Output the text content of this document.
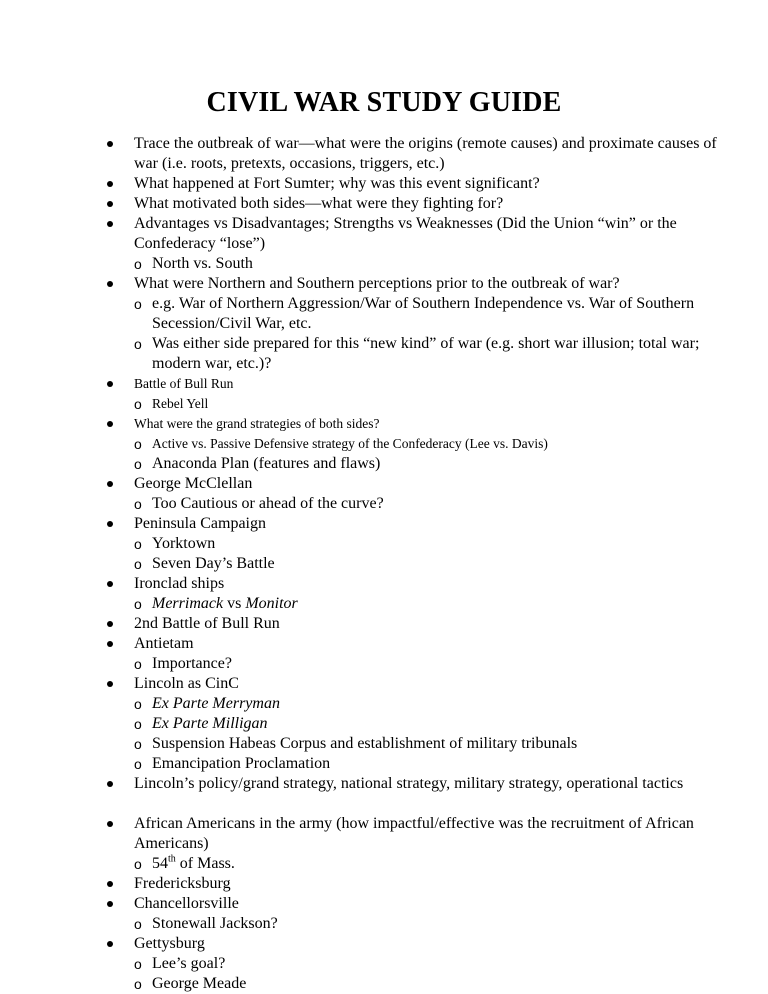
CIVIL WAR STUDY GUIDE
Trace the outbreak of war—what were the origins (remote causes) and proximate causes of war (i.e. roots, pretexts, occasions, triggers, etc.)
What happened at Fort Sumter; why was this event significant?
What motivated both sides—what were they fighting for?
Advantages vs Disadvantages; Strengths vs Weaknesses (Did the Union “win” or the Confederacy “lose”)
o North vs. South
What were Northern and Southern perceptions prior to the outbreak of war?
o e.g. War of Northern Aggression/War of Southern Independence vs. War of Southern Secession/Civil War, etc.
o Was either side prepared for this “new kind” of war (e.g. short war illusion; total war; modern war, etc.)?
Battle of Bull Run
o Rebel Yell
What were the grand strategies of both sides?
o Active vs. Passive Defensive strategy of the Confederacy (Lee vs. Davis)
o Anaconda Plan (features and flaws)
George McClellan
o Too Cautious or ahead of the curve?
Peninsula Campaign
o Yorktown
o Seven Day’s Battle
Ironclad ships
o Merrimack vs Monitor
2nd Battle of Bull Run
Antietam
o Importance?
Lincoln as CinC
o Ex Parte Merryman
o Ex Parte Milligan
o Suspension Habeas Corpus and establishment of military tribunals
o Emancipation Proclamation
Lincoln’s policy/grand strategy, national strategy, military strategy, operational tactics
African Americans in the army (how impactful/effective was the recruitment of African Americans)
o 54th of Mass.
Fredericksburg
Chancellorsville
o Stonewall Jackson?
Gettysburg
o Lee’s goal?
o George Meade
